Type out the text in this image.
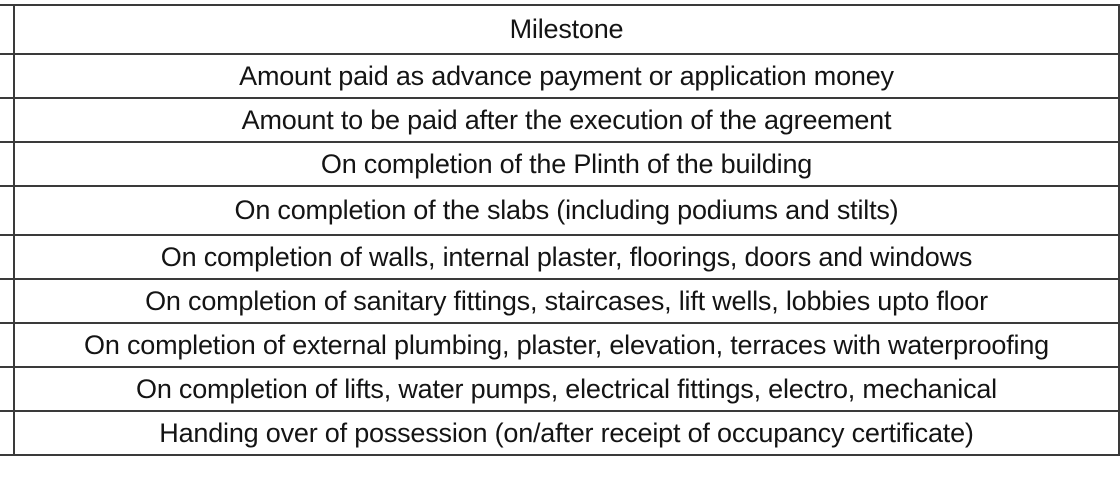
	Milestone
	Amount paid as advance payment or application money
	Amount to be paid after the execution of the agreement
	On completion of the Plinth of the building
	On completion of the slabs (including podiums and stilts)
	On completion of walls, internal plaster, floorings, doors and windows
	On completion of sanitary fittings, staircases, lift wells, lobbies upto floor
	On completion of external plumbing, plaster, elevation, terraces with waterproofing
	On completion of lifts, water pumps, electrical fittings, electro, mechanical
	Handing over of possession (on/after receipt of occupancy certificate)
